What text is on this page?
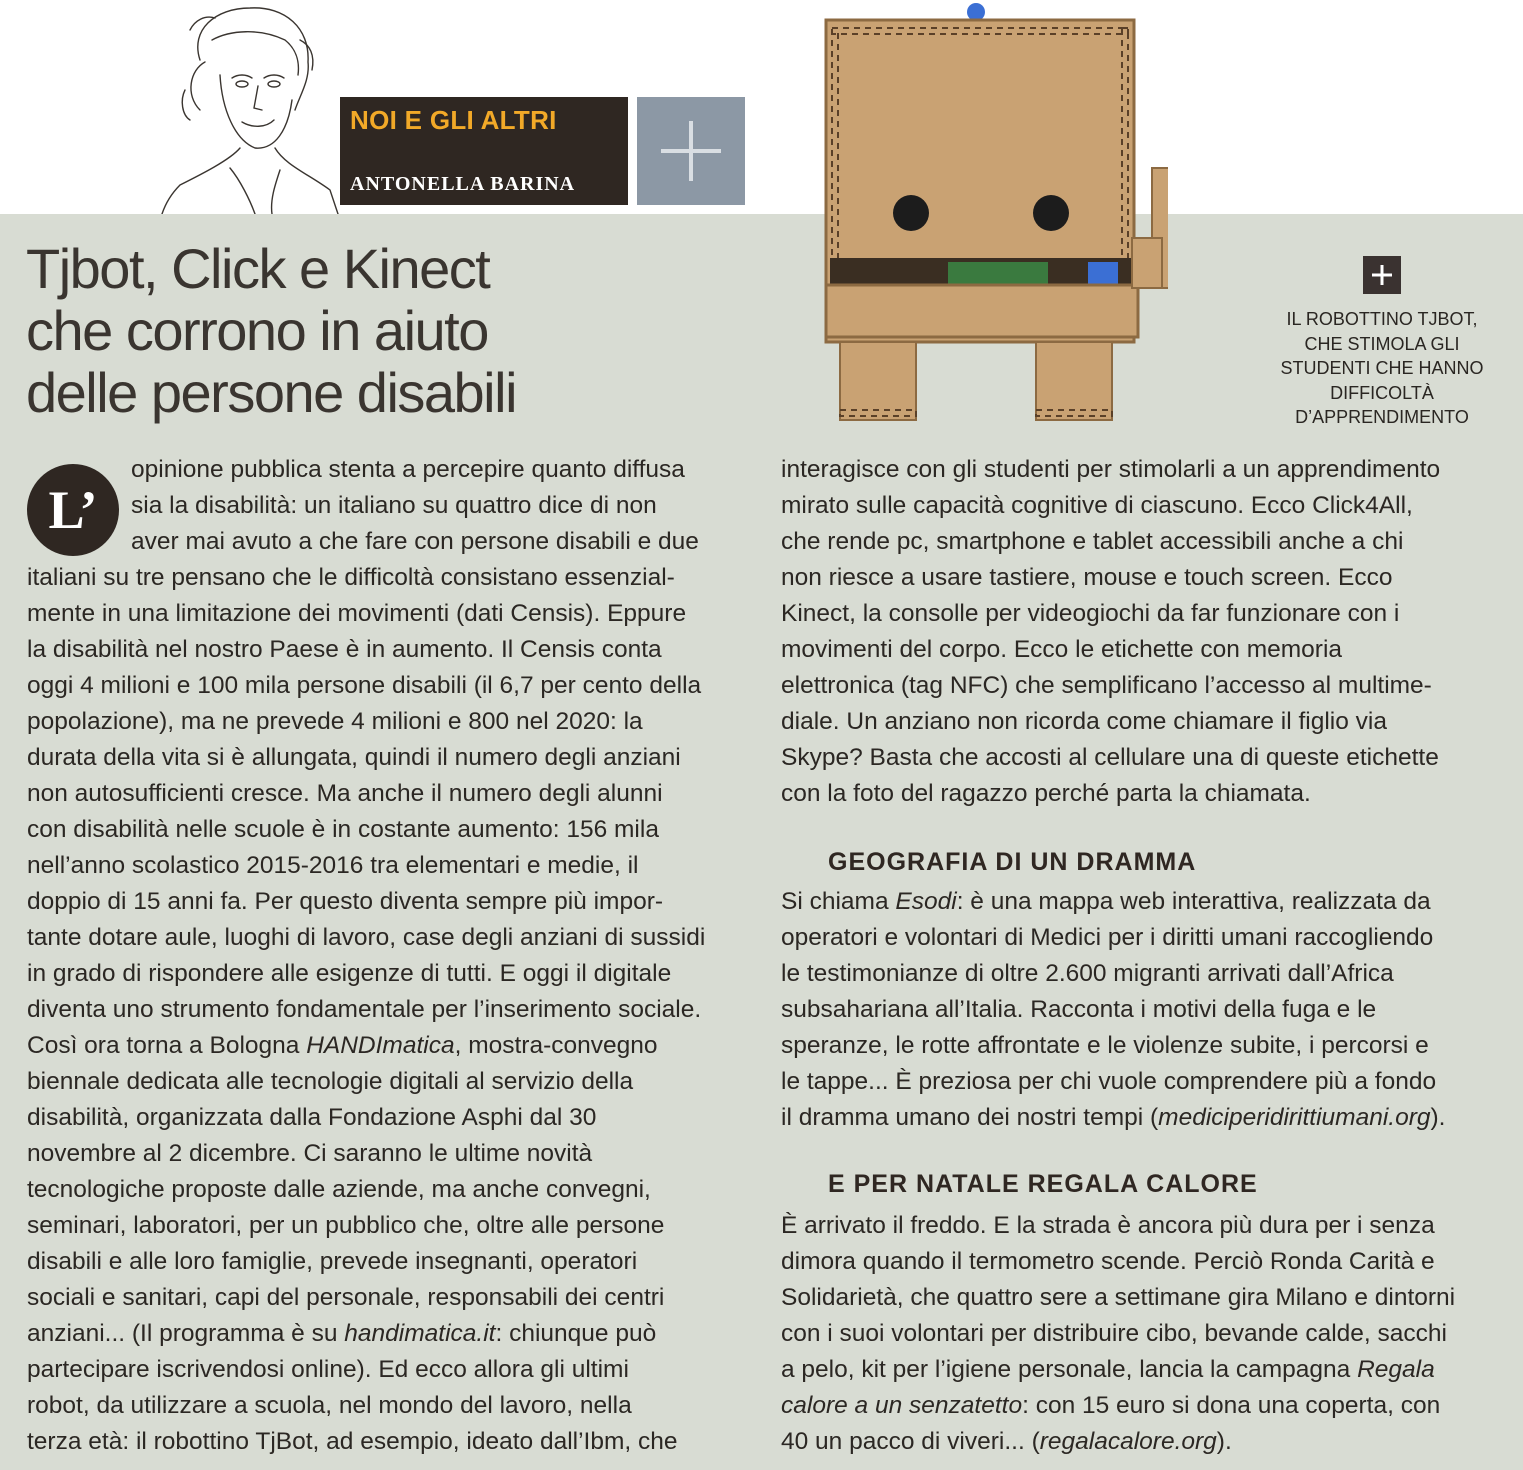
NOI E GLI ALTRI
ANTONELLA BARINA
Tjbot, Click e Kinect
che corrono in aiuto
delle persone disabili
IL ROBOTTINO TJBOT,
CHE STIMOLA GLI
STUDENTI CHE HANNO
DIFFICOLTÀ
D’APPRENDIMENTO
L’
opinione pubblica stenta a percepire quanto diffusa
sia la disabilità: un italiano su quattro dice di non
aver mai avuto a che fare con persone disabili e due
italiani su tre pensano che le difficoltà consistano essenzial-
mente in una limitazione dei movimenti (dati Censis). Eppure
la disabilità nel nostro Paese è in aumento. Il Censis conta
oggi 4 milioni e 100 mila persone disabili (il 6,7 per cento della
popolazione), ma ne prevede 4 milioni e 800 nel 2020: la
durata della vita si è allungata, quindi il numero degli anziani
non autosufficienti cresce. Ma anche il numero degli alunni
con disabilità nelle scuole è in costante aumento: 156 mila
nell’anno scolastico 2015-2016 tra elementari e medie, il
doppio di 15 anni fa. Per questo diventa sempre più impor-
tante dotare aule, luoghi di lavoro, case degli anziani di sussidi
in grado di rispondere alle esigenze di tutti. E oggi il digitale
diventa uno strumento fondamentale per l’inserimento sociale.
Così ora torna a Bologna HANDImatica, mostra-convegno
biennale dedicata alle tecnologie digitali al servizio della
disabilità, organizzata dalla Fondazione Asphi dal 30
novembre al 2 dicembre. Ci saranno le ultime novità
tecnologiche proposte dalle aziende, ma anche convegni,
seminari, laboratori, per un pubblico che, oltre alle persone
disabili e alle loro famiglie, prevede insegnanti, operatori
sociali e sanitari, capi del personale, responsabili dei centri
anziani... (Il programma è su handimatica.it: chiunque può
partecipare iscrivendosi online). Ed ecco allora gli ultimi
robot, da utilizzare a scuola, nel mondo del lavoro, nella
terza età: il robottino TjBot, ad esempio, ideato dall’Ibm, che
interagisce con gli studenti per stimolarli a un apprendimento
mirato sulle capacità cognitive di ciascuno. Ecco Click4All,
che rende pc, smartphone e tablet accessibili anche a chi
non riesce a usare tastiere, mouse e touch screen. Ecco
Kinect, la consolle per videogiochi da far funzionare con i
movimenti del corpo. Ecco le etichette con memoria
elettronica (tag NFC) che semplificano l’accesso al multime-
diale. Un anziano non ricorda come chiamare il figlio via
Skype? Basta che accosti al cellulare una di queste etichette
con la foto del ragazzo perché parta la chiamata.

Si chiama Esodi: è una mappa web interattiva, realizzata da
operatori e volontari di Medici per i diritti umani raccogliendo
le testimonianze di oltre 2.600 migranti arrivati dall’Africa
subsahariana all’Italia. Racconta i motivi della fuga e le
speranze, le rotte affrontate e le violenze subite, i percorsi e
le tappe... È preziosa per chi vuole comprendere più a fondo
il dramma umano dei nostri tempi (mediciperidirittiumani.org).

È arrivato il freddo. E la strada è ancora più dura per i senza
dimora quando il termometro scende. Perciò Ronda Carità e
Solidarietà, che quattro sere a settimane gira Milano e dintorni
con i suoi volontari per distribuire cibo, bevande calde, sacchi
a pelo, kit per l’igiene personale, lancia la campagna Regala
calore a un senzatetto: con 15 euro si dona una coperta, con
40 un pacco di viveri... (regalacalore.org).
GEOGRAFIA DI UN DRAMMA
E PER NATALE REGALA CALORE
